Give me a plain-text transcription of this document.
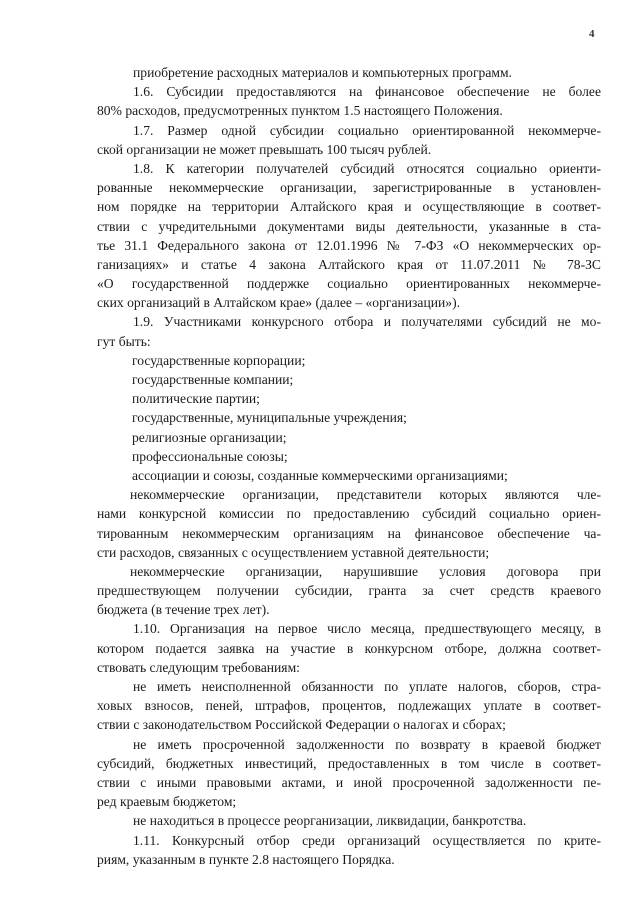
4
приобретение расходных материалов и компьютерных программ.
1.6. Субсидии предоставляются на финансовое обеспечение не более
80% расходов, предусмотренных пунктом 1.5 настоящего Положения.
1.7. Размер одной субсидии социально ориентированной некоммерче-
ской организации не может превышать 100 тысяч рублей.
1.8. К категории получателей субсидий относятся социально ориенти-
рованные некоммерческие организации, зарегистрированные в установлен-
ном порядке на территории Алтайского края и осуществляющие в соответ-
ствии с учредительными документами виды деятельности, указанные в ста-
тье 31.1 Федерального закона от 12.01.1996 № 7-ФЗ «О некоммерческих ор-
ганизациях» и статье 4 закона Алтайского края от 11.07.2011 № 78-ЗС
«О государственной поддержке социально ориентированных некоммерче-
ских организаций в Алтайском крае» (далее – «организации»).
1.9. Участниками конкурсного отбора и получателями субсидий не мо-
гут быть:
государственные корпорации;
государственные компании;
политические партии;
государственные, муниципальные учреждения;
религиозные организации;
профессиональные союзы;
ассоциации и союзы, созданные коммерческими организациями;
некоммерческие организации, представители которых являются чле-
нами конкурсной комиссии по предоставлению субсидий социально ориен-
тированным некоммерческим организациям на финансовое обеспечение ча-
сти расходов, связанных с осуществлением уставной деятельности;
некоммерческие организации, нарушившие условия договора при
предшествующем получении субсидии, гранта за счет средств краевого
бюджета (в течение трех лет).
1.10. Организация на первое число месяца, предшествующего месяцу, в
котором подается заявка на участие в конкурсном отборе, должна соответ-
ствовать следующим требованиям:
не иметь неисполненной обязанности по уплате налогов, сборов, стра-
ховых взносов, пеней, штрафов, процентов, подлежащих уплате в соответ-
ствии с законодательством Российской Федерации о налогах и сборах;
не иметь просроченной задолженности по возврату в краевой бюджет
субсидий, бюджетных инвестиций, предоставленных в том числе в соответ-
ствии с иными правовыми актами, и иной просроченной задолженности пе-
ред краевым бюджетом;
не находиться в процессе реорганизации, ликвидации, банкротства.
1.11. Конкурсный отбор среди организаций осуществляется по крите-
риям, указанным в пункте 2.8 настоящего Порядка.
